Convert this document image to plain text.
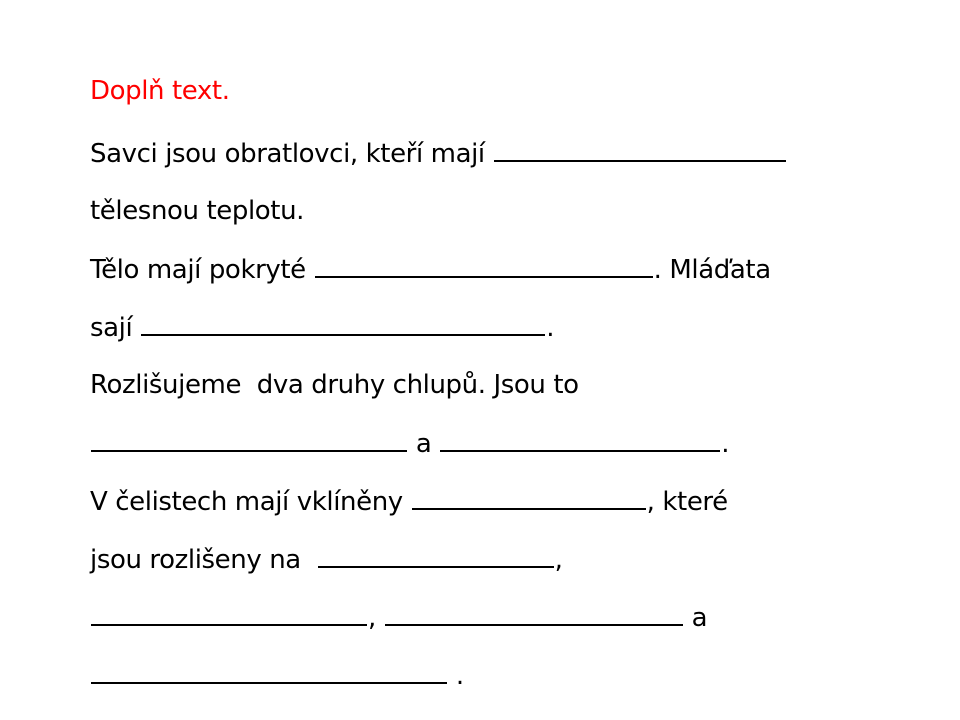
Doplň text.
Savci jsou obratlovci, kteří mají
tělesnou teplotu.
Tělo mají pokryté	. Mláďata
sají	.
Rozlišujeme  dva druhy chlupů. Jsou to
a	.
V čelistech mají vklíněny	, které
jsou rozlišeny na	,
,	a
.
